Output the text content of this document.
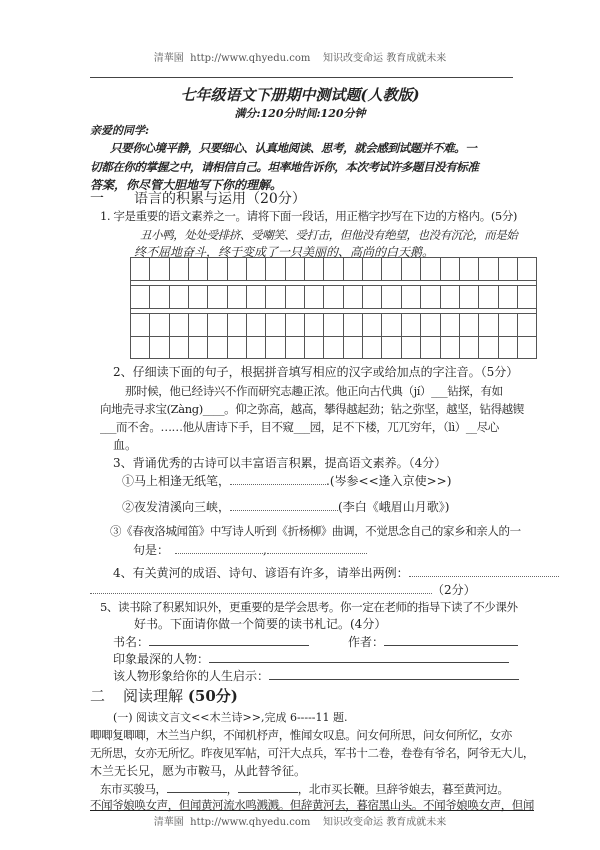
清華園 http://www.qhyedu.com 知识改变命运 教育成就未来
七年级语文下册期中测试题(人教版)
满分:120分时间:120分钟
亲爱的同学:
只要你心境平静，只要细心、认真地阅读、思考，就会感到试题并不难。一
切都在你的掌握之中，请相信自己。坦率地告诉你，本次考试许多题目没有标准
答案，你尽管大胆地写下你的理解。
一 语言的积累与运用（20分）
1. 字是重要的语文素养之一。请将下面一段话，用正楷字抄写在下边的方格内。(5分)
丑小鸭，处处受排挤、受嘲笑、受打击，但他没有绝望，也没有沉沦，而是始
终不屈地奋斗，终于变成了一只美丽的、高尚的白天鹅。
2、仔细读下面的句子，根据拼音填写相应的汉字或给加点的字注音。（5分）
那时候，他已经诗兴不作而研究志趣正浓。他正向古代典（jí）___钻探，有如
向地壳寻求宝(Zàng)____。仰之弥高，越高，攀得越起劲；钻之弥坚，越坚，钻得越锲
___而不舍。……他从唐诗下手，目不窥___园，足不下楼，兀兀穷年，（lì）__尽心
血。
3、背诵优秀的古诗可以丰富语言积累，提高语文素养。（4分）
①马上相逢无纸笔，	.(岑参<<逢入京使>>)
②夜发清溪向三峡，	(李白《峨眉山月歌》)
③《春夜洛城闻笛》中写诗人听到《折杨柳》曲调，不觉思念自己的家乡和亲人的一
句是：	,
4、有关黄河的成语、诗句、谚语有许多，请举出两例：
（2分）
5、读书除了积累知识外，更重要的是学会思考。你一定在老师的指导下读了不少课外
好书。下面请你做一个简要的读书札记。(4分）
书名：	作者：
印象最深的人物：
该人物形象给你的人生启示：
二 阅读理解 (50分)
(一) 阅读文言文<<木兰诗>>,完成 6-----11 题.
唧唧复唧唧，木兰当户织，不闻机杼声，惟闻女叹息。问女何所思，问女何所忆，女亦
无所思，女亦无所忆。昨夜见军帖，可汗大点兵，军书十二卷，卷卷有爷名，阿爷无大儿，
木兰无长兄，愿为市鞍马，从此替爷征。
东市买骏马，	，	，北市买长鞭。旦辞爷娘去，暮至黄河边。
不闻爷娘唤女声，但闻黄河流水鸣溅溅。但辞黄河去，暮宿黑山头。不闻爷娘唤女声，但闻
清華園 http://www.qhyedu.com 知识改变命运 教育成就未来
